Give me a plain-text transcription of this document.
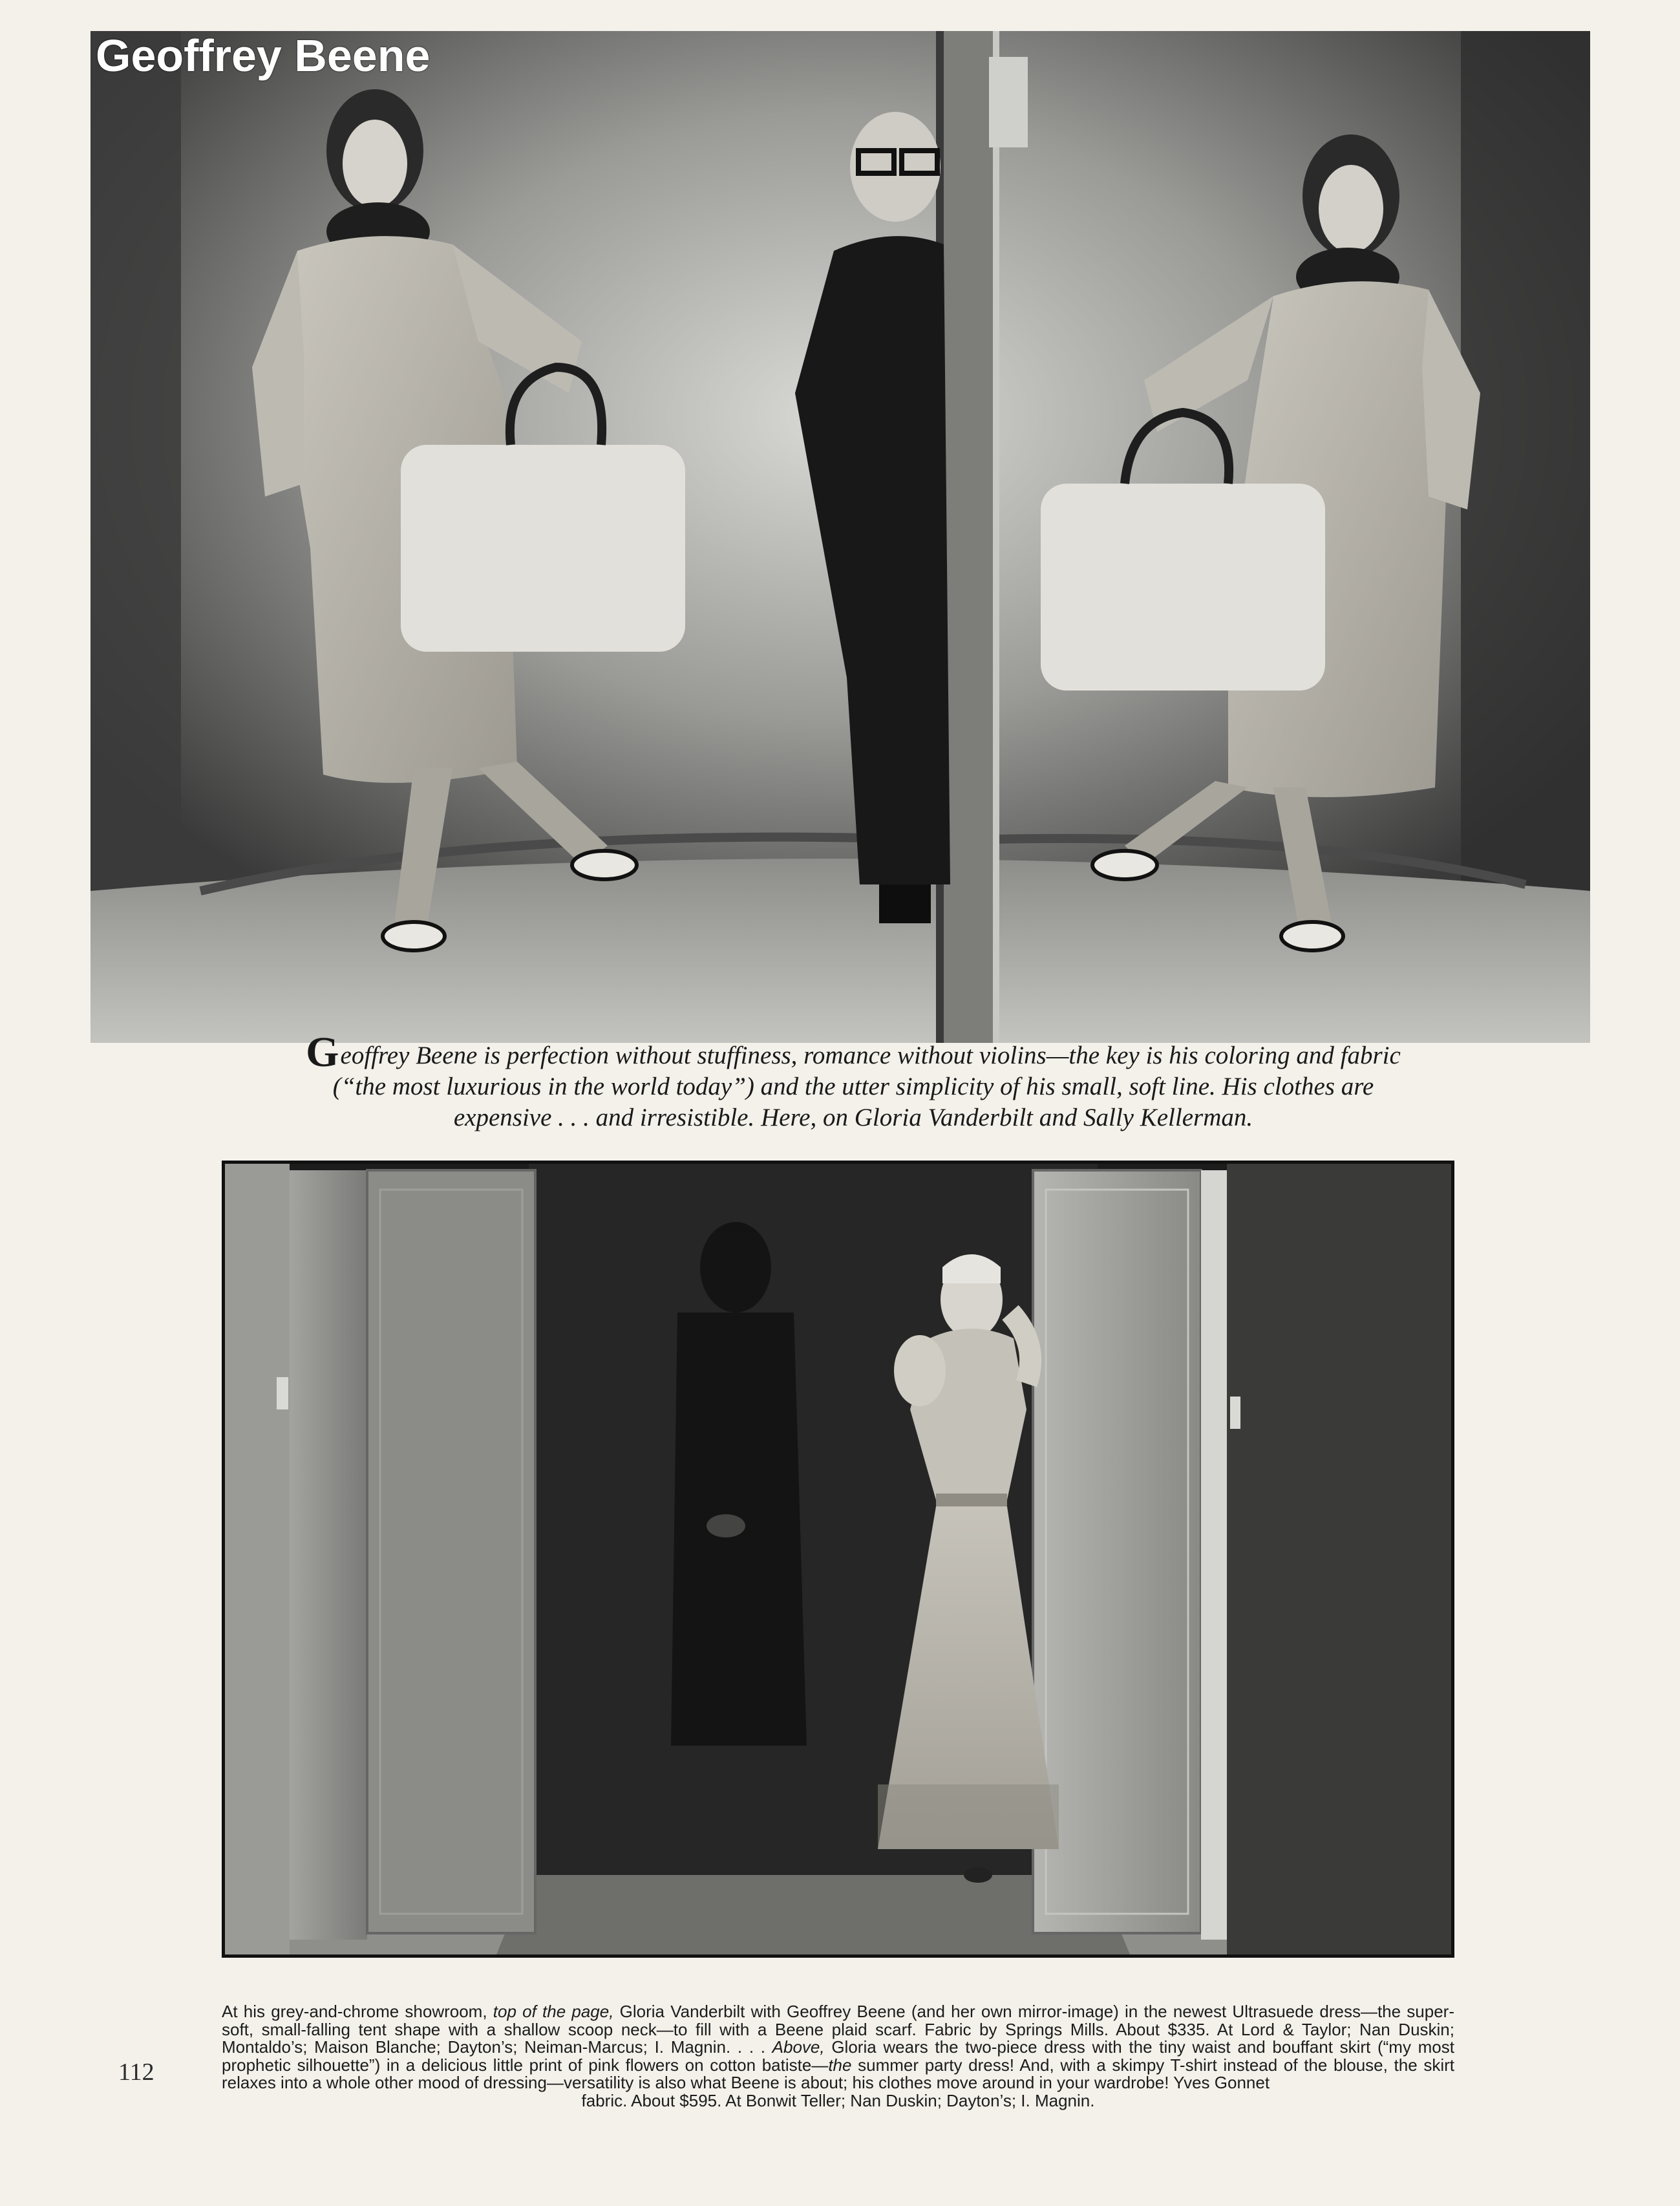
Geoffrey Beene
Geoffrey Beene is perfection without stuffiness, romance without violins—the key is his coloring and fabric (“the most luxurious in the world today”) and the utter simplicity of his small, soft line. His clothes are expensive . . . and irresistible. Here, on Gloria Vanderbilt and Sally Kellerman.
At his grey-and-chrome showroom, top of the page, Gloria Vanderbilt with Geoffrey Beene (and her own mirror-image) in the newest Ultrasuede dress—the super-soft, small-falling tent shape with a shallow scoop neck—to fill with a Beene plaid scarf. Fabric by Springs Mills. About $335. At Lord & Taylor; Nan Duskin; Montaldo’s; Maison Blanche; Dayton’s; Neiman-Marcus; I. Magnin. . . . Above, Gloria wears the two-piece dress with the tiny waist and bouffant skirt (“my most prophetic silhouette”) in a delicious little print of pink flowers on cotton batiste—the summer party dress! And, with a skimpy T-shirt instead of the blouse, the skirt relaxes into a whole other mood of dressing—versatility is also what Beene is about; his clothes move around in your wardrobe! Yves Gonnet
fabric. About $595. At Bonwit Teller; Nan Duskin; Dayton’s; I. Magnin.
112
